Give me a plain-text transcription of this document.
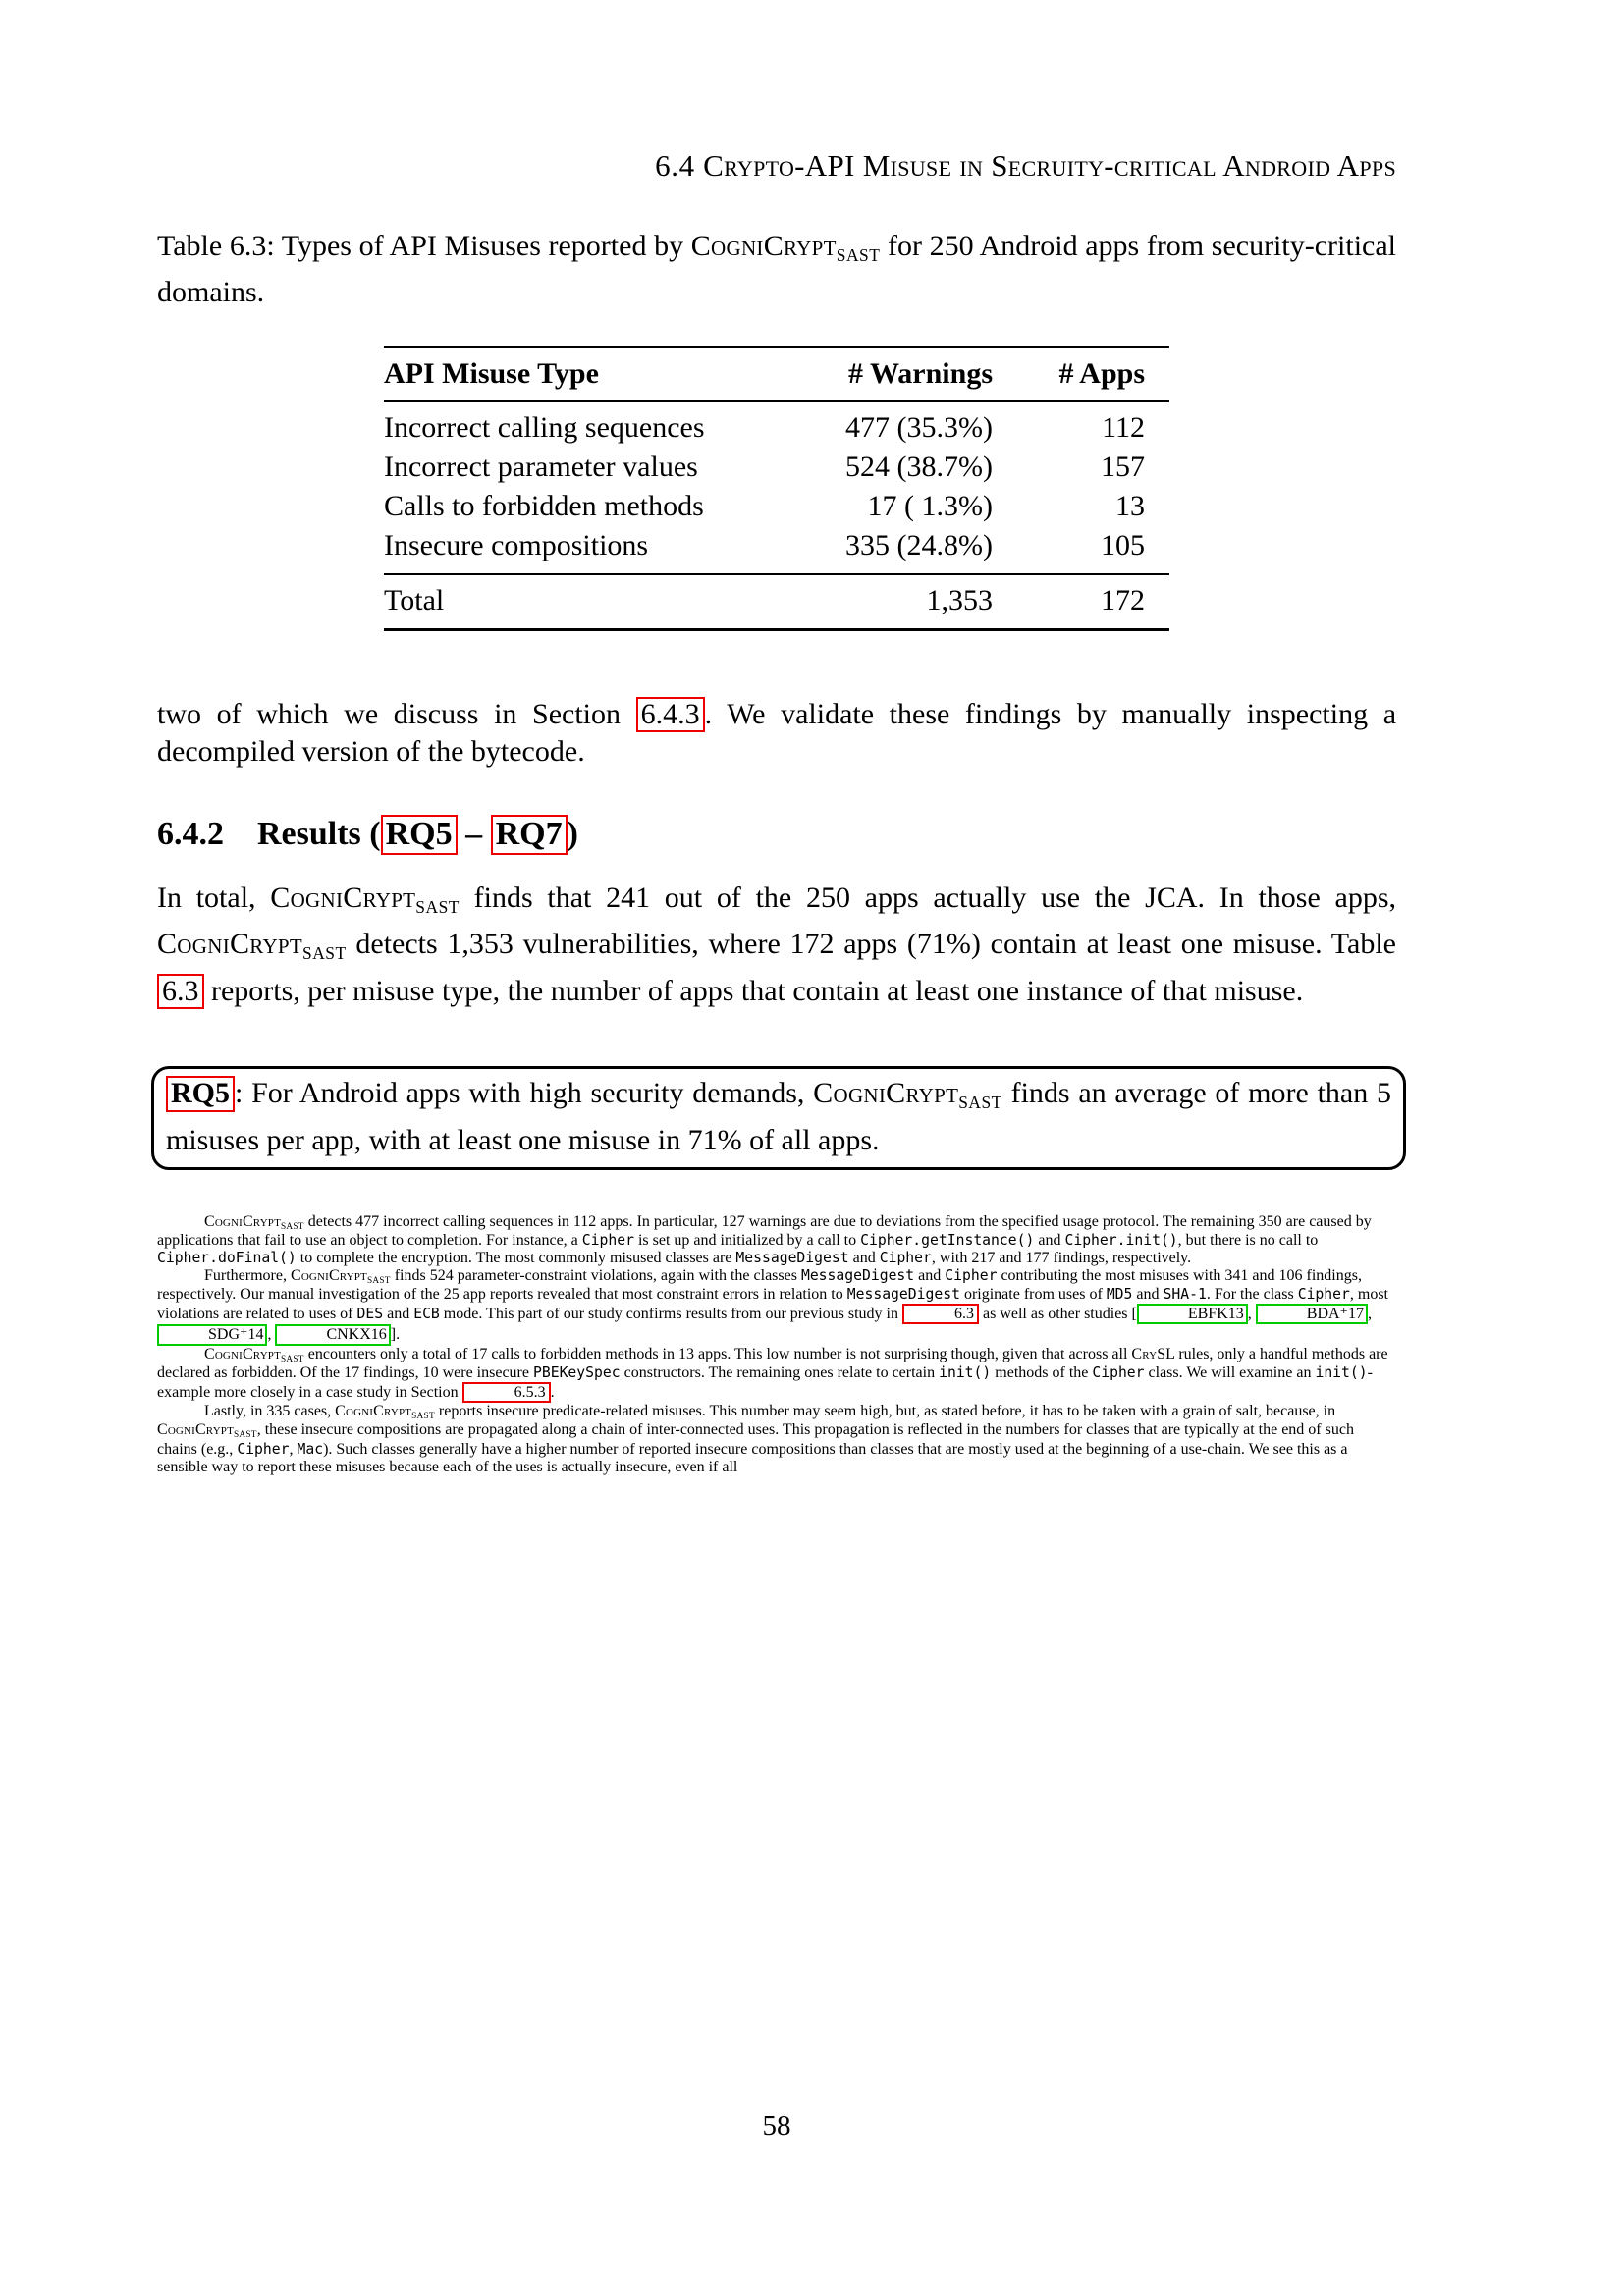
6.4 Crypto-API Misuse in Secruity-critical Android Apps
Table 6.3: Types of API Misuses reported by CogniCrypt$_{SAST}$ for 250 Android apps from security-critical domains.
API Misuse Type	# Warnings	# Apps
Incorrect calling sequences	477 (35.3%)	112
Incorrect parameter values	524 (38.7%)	157
Calls to forbidden methods	17 ( 1.3%)	13
Insecure compositions	335 (24.8%)	105
Total	1,353	172
two of which we discuss in Section 6.4.3 . We validate these findings by manually inspecting a decompiled version of the bytecode.
6.4.2 Results ( RQ5 – RQ7 )
In total, CogniCrypt$_{SAST}$ finds that 241 out of the 250 apps actually use the JCA. In those apps, CogniCrypt$_{SAST}$ detects 1,353 vulnerabilities, where 172 apps (71%) contain at least one misuse. Table 6.3 reports, per misuse type, the number of apps that contain at least one instance of that misuse.
RQ5 : For Android apps with high security demands, CogniCrypt$_{SAST}$ finds an average of more than 5 misuses per app, with at least one misuse in 71% of all apps.

CogniCrypt$_{SAST}$ detects 477 incorrect calling sequences in 112 apps. In particular, 127 warnings are due to deviations from the specified usage protocol. The remaining 350 are caused by applications that fail to use an object to completion. For instance, a Cipher is set up and initialized by a call to Cipher.getInstance() and Cipher.init(), but there is no call to Cipher.doFinal() to complete the encryption. The most commonly misused classes are MessageDigest and Cipher, with 217 and 177 findings, respectively.

Furthermore, CogniCrypt$_{SAST}$ finds 524 parameter-constraint violations, again with the classes MessageDigest and Cipher contributing the most misuses with 341 and 106 findings, respectively. Our manual investigation of the 25 app reports revealed that most constraint errors in relation to MessageDigest originate from uses of MD5 and SHA-1. For the class Cipher, most violations are related to uses of DES and ECB mode. This part of our study confirms results from our previous study in	6.3 as well as other studies [	EBFK13 ,	BDA⁺17 , SDG⁺14 ,	CNKX16 ].

CogniCrypt$_{SAST}$ encounters only a total of 17 calls to forbidden methods in 13 apps. This low number is not surprising though, given that across all CrySL rules, only a handful methods are declared as forbidden. Of the 17 findings, 10 were insecure PBEKeySpec constructors. The remaining ones relate to certain init() methods of the Cipher class. We will examine an init()-example more closely in a case study in Section	6.5.3 .

Lastly, in 335 cases, CogniCrypt$_{SAST}$ reports insecure predicate-related misuses. This number may seem high, but, as stated before, it has to be taken with a grain of salt, because, in CogniCrypt$_{SAST}$, these insecure compositions are propagated along a chain of inter-connected uses. This propagation is reflected in the numbers for classes that are typically at the end of such chains (e.g., Cipher, Mac). Such classes generally have a higher number of reported insecure compositions than classes that are mostly used at the beginning of a use-chain. We see this as a sensible way to report these misuses because each of the uses is actually insecure, even if all

58
